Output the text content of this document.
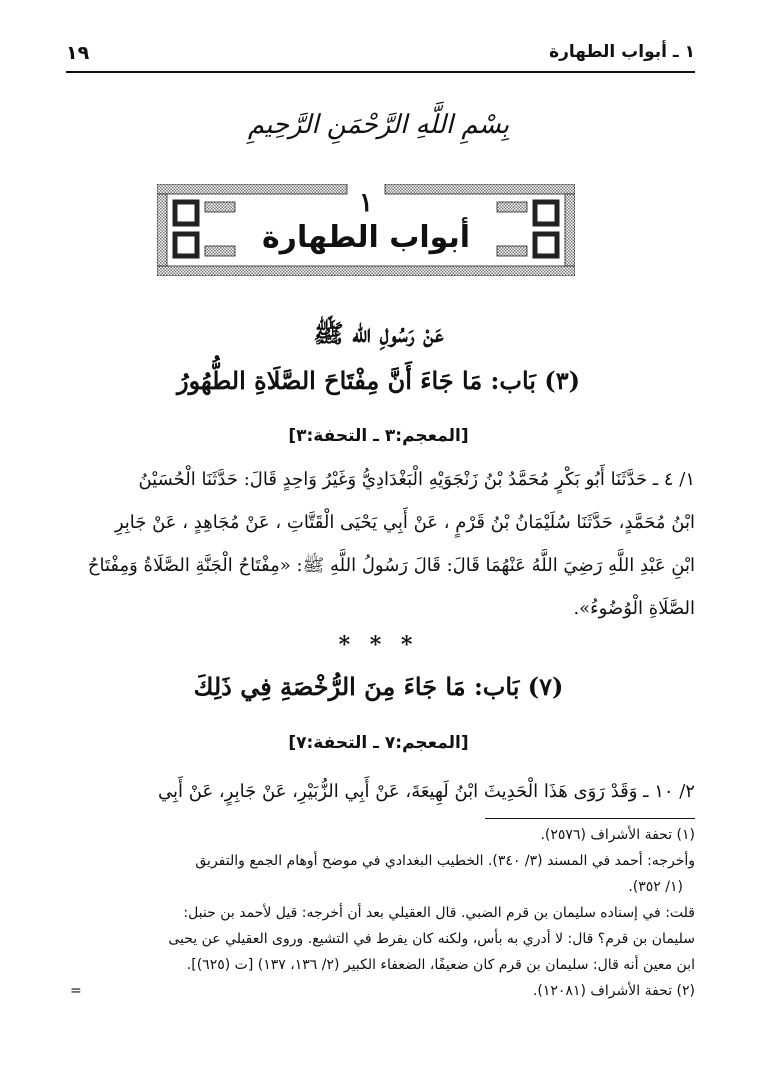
١ ـ أبواب الطهارة
١٩
بِسْمِ اللَّهِ الرَّحْمَنِ الرَّحِيمِ
١
أبواب الطهارة
عَنْ رَسُولِ الله ﷺ
(٣) بَاب: مَا جَاءَ أَنَّ مِفْتَاحَ الصَّلَاةِ الطُّهُورُ
[المعجم:٣ ـ التحفة:٣]
١/ ٤ ـ حَدَّثَنَا أَبُو بَكْرٍ مُحَمَّدُ بْنُ زَنْجَوَيْهِ الْبَغْدَادِيُّ وَغَيْرُ وَاحِدٍ قَالَ: حَدَّثَنَا الْحُسَيْنُ
ابْنُ مُحَمَّدٍ، حَدَّثَنَا سُلَيْمَانُ بْنُ قَرْمٍ ، عَنْ أَبِي يَحْيَى الْقَتَّاتِ ، عَنْ مُجَاهِدٍ ، عَنْ جَابِرِ
ابْنِ عَبْدِ اللَّهِ رَضِيَ اللَّهُ عَنْهُمَا قَالَ: قَالَ رَسُولُ اللَّهِ ﷺ: «مِفْتَاحُ الْجَنَّةِ الصَّلَاةُ وَمِفْتَاحُ
الصَّلَاةِ الْوُضُوءُ».
* * *
(٧) بَاب: مَا جَاءَ مِنَ الرُّخْصَةِ فِي ذَلِكَ
[المعجم:٧ ـ التحفة:٧]
٢/ ١٠ ـ وَقَدْ رَوَى هَذَا الْحَدِيثَ ابْنُ لَهِيعَةَ، عَنْ أَبِي الزُّبَيْرِ، عَنْ جَابِرٍ، عَنْ أَبِي
(١) تحفة الأشراف (٢٥٧٦).
وأخرجه: أحمد في المسند (٣/ ٣٤٠). الخطيب البغدادي في موضح أوهام الجمع والتفريق
(١/ ٣٥٢).
قلت: في إسناده سليمان بن قرم الضبي. قال العقيلي بعد أن أخرجه: قيل لأحمد بن حنبل:
سليمان بن قرم؟ قال: لا أدري به بأس، ولكنه كان يفرط في التشيع. وروى العقيلي عن يحيى
ابن معين أنه قال: سليمان بن قرم كان ضعيفًا، الضعفاء الكبير (٢/ ١٣٦، ١٣٧) [ت (٦٢٥)].
(٢) تحفة الأشراف (١٢٠٨١).
=
